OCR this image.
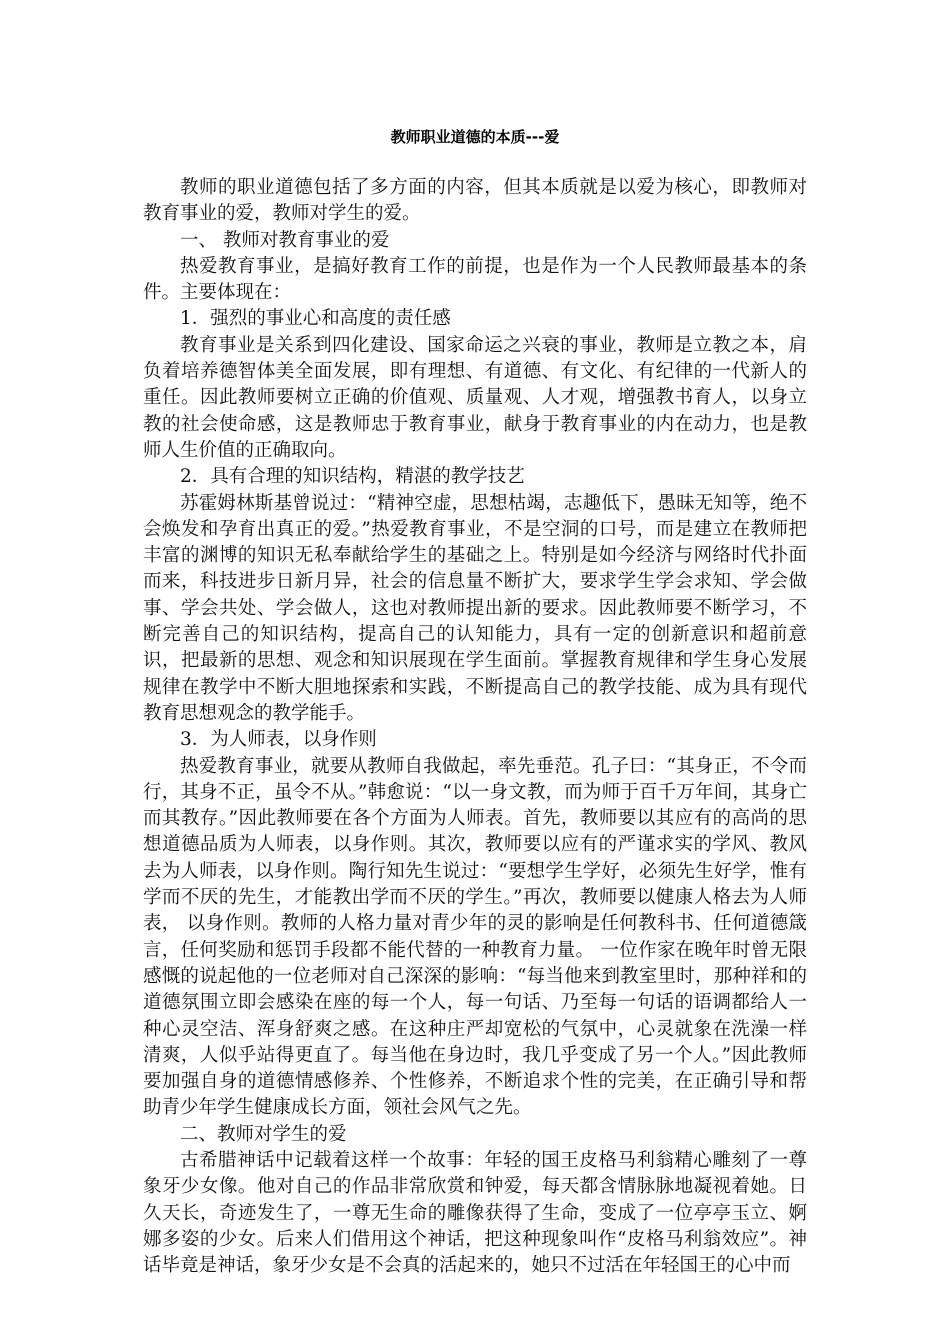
教师职业道德的本质---爱

教师的职业道德包括了多方面的内容，但其本质就是以爱为核心，即教师对教育事业的爱，教师对学生的爱。

一、 教师对教育事业的爱

热爱教育事业，是搞好教育工作的前提，也是作为一个人民教师最基本的条件。主要体现在：

1．强烈的事业心和高度的责任感

教育事业是关系到四化建设、国家命运之兴衰的事业，教师是立教之本，肩负着培养德智体美全面发展，即有理想、有道德、有文化、有纪律的一代新人的重任。因此教师要树立正确的价值观、质量观、人才观，增强教书育人，以身立教的社会使命感，这是教师忠于教育事业，献身于教育事业的内在动力，也是教师人生价值的正确取向。

2．具有合理的知识结构，精湛的教学技艺

苏霍姆林斯基曾说过：“精神空虚，思想枯竭，志趣低下，愚昧无知等，绝不会焕发和孕育出真正的爱。”热爱教育事业，不是空洞的口号，而是建立在教师把丰富的渊博的知识无私奉献给学生的基础之上。特别是如今经济与网络时代扑面而来，科技进步日新月异，社会的信息量不断扩大，要求学生学会求知、学会做事、学会共处、学会做人，这也对教师提出新的要求。因此教师要不断学习，不断完善自己的知识结构，提高自己的认知能力，具有一定的创新意识和超前意识，把最新的思想、观念和知识展现在学生面前。掌握教育规律和学生身心发展规律在教学中不断大胆地探索和实践，不断提高自己的教学技能、成为具有现代教育思想观念的教学能手。

3．为人师表，以身作则

热爱教育事业，就要从教师自我做起，率先垂范。孔子曰：“其身正，不令而行，其身不正，虽令不从。”韩愈说：“以一身文教，而为师于百千万年间，其身亡而其教存。”因此教师要在各个方面为人师表。首先，教师要以其应有的高尚的思想道德品质为人师表，以身作则。其次，教师要以应有的严谨求实的学风、教风去为人师表，以身作则。陶行知先生说过：“要想学生学好，必须先生好学，惟有学而不厌的先生，才能教出学而不厌的学生。”再次，教师要以健康人格去为人师表， 以身作则。教师的人格力量对青少年的灵的影响是任何教科书、任何道德箴言，任何奖励和惩罚手段都不能代替的一种教育力量。 一位作家在晚年时曾无限感慨的说起他的一位老师对自己深深的影响：“每当他来到教室里时，那种祥和的道德氛围立即会感染在座的每一个人，每一句话、乃至每一句话的语调都给人一种心灵空洁、浑身舒爽之感。在这种庄严却宽松的气氛中，心灵就象在洗澡一样清爽，人似乎站得更直了。每当他在身边时，我几乎变成了另一个人。”因此教师要加强自身的道德情感修养、个性修养，不断追求个性的完美，在正确引导和帮助青少年学生健康成长方面，领社会风气之先。

二、教师对学生的爱

古希腊神话中记载着这样一个故事：年轻的国王皮格马利翁精心雕刻了一尊象牙少女像。他对自己的作品非常欣赏和钟爱，每天都含情脉脉地凝视着她。日久天长，奇迹发生了，一尊无生命的雕像获得了生命，变成了一位亭亭玉立、婀娜多姿的少女。后来人们借用这个神话，把这种现象叫作“皮格马利翁效应”。神话毕竟是神话，象牙少女是不会真的活起来的，她只不过活在年轻国王的心中而
